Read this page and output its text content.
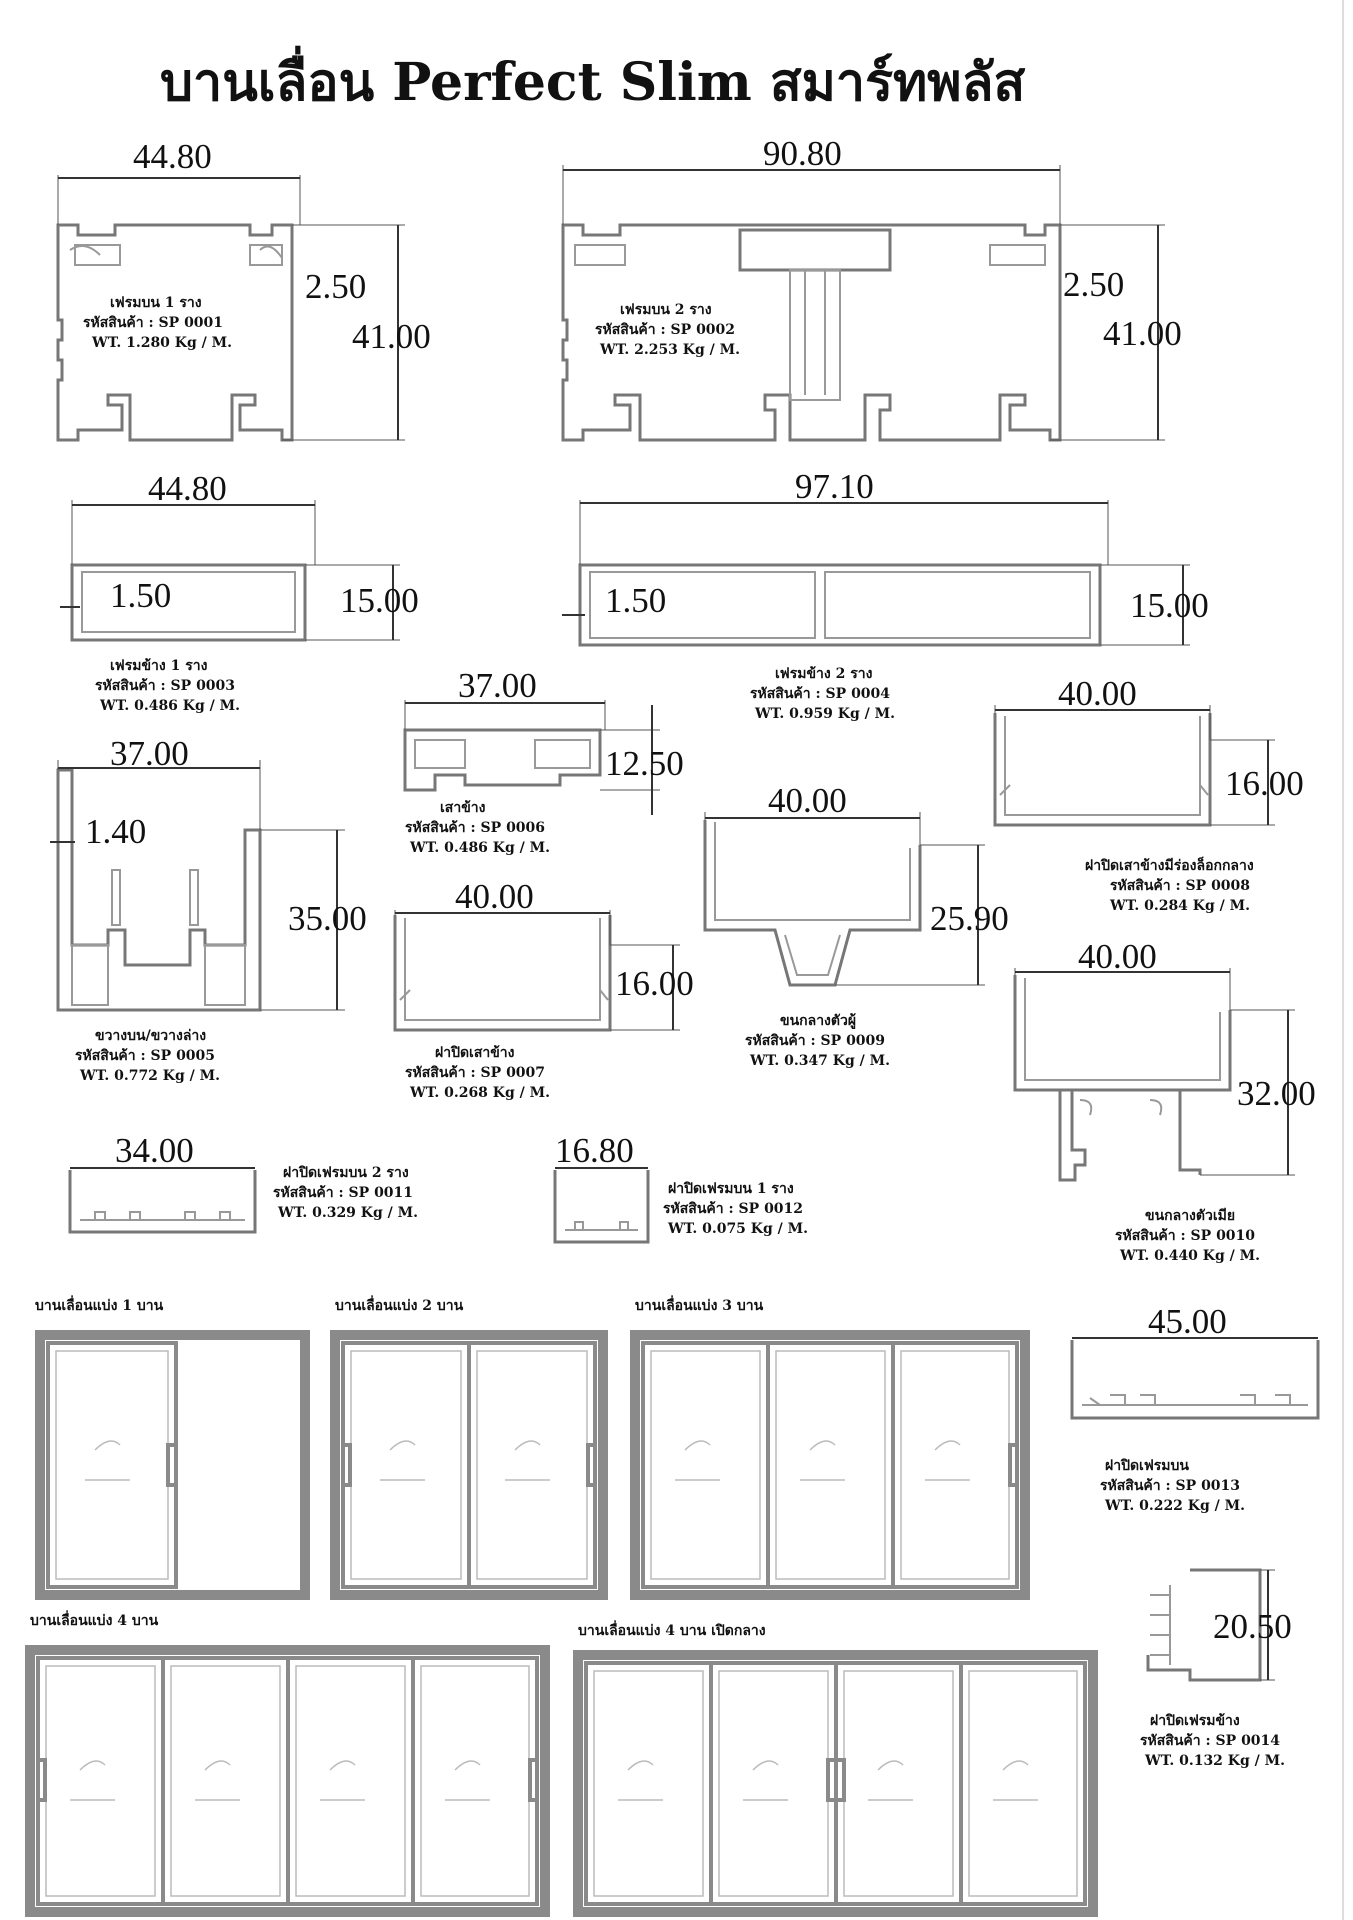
บานเลื่อน Perfect Slim สมาร์ทพลัส
44.80
41.00
2.50
เฟรมบน 1 ราง
รหัสสินค้า : SP 0001
WT. 1.280 Kg / M.
90.80
41.00
2.50
เฟรมบน 2 ราง
รหัสสินค้า : SP 0002
WT. 2.253 Kg / M.
44.80
15.00
1.50
เฟรมข้าง 1 ราง
รหัสสินค้า : SP 0003
WT. 0.486 Kg / M.
97.10
15.00
1.50
เฟรมข้าง 2 ราง
รหัสสินค้า : SP 0004
WT. 0.959 Kg / M.
37.00
35.00
1.40
ขวางบน/ขวางล่าง
รหัสสินค้า : SP 0005
WT. 0.772 Kg / M.
37.00
12.50
เสาข้าง
รหัสสินค้า : SP 0006
WT. 0.486 Kg / M.
40.00
16.00
ฝาปิดเสาข้าง
รหัสสินค้า : SP 0007
WT. 0.268 Kg / M.
40.00
16.00
ฝาปิดเสาข้างมีร่องล็อกกลาง
รหัสสินค้า : SP 0008
WT. 0.284 Kg / M.
40.00
25.90
ขนกลางตัวผู้
รหัสสินค้า : SP 0009
WT. 0.347 Kg / M.
40.00
32.00
ขนกลางตัวเมีย
รหัสสินค้า : SP 0010
WT. 0.440 Kg / M.
34.00
ฝาปิดเฟรมบน 2 ราง
รหัสสินค้า : SP 0011
WT. 0.329 Kg / M.
16.80
ฝาปิดเฟรมบน 1 ราง
รหัสสินค้า : SP 0012
WT. 0.075 Kg / M.
45.00
ฝาปิดเฟรมบน
รหัสสินค้า : SP 0013
WT. 0.222 Kg / M.
20.50
ฝาปิดเฟรมข้าง
รหัสสินค้า : SP 0014
WT. 0.132 Kg / M.
บานเลื่อนแบ่ง 1 บาน	บานเลื่อนแบ่ง 2 บาน	บานเลื่อนแบ่ง 3 บาน
บานเลื่อนแบ่ง 4 บาน
บานเลื่อนแบ่ง 4 บาน เปิดกลาง
